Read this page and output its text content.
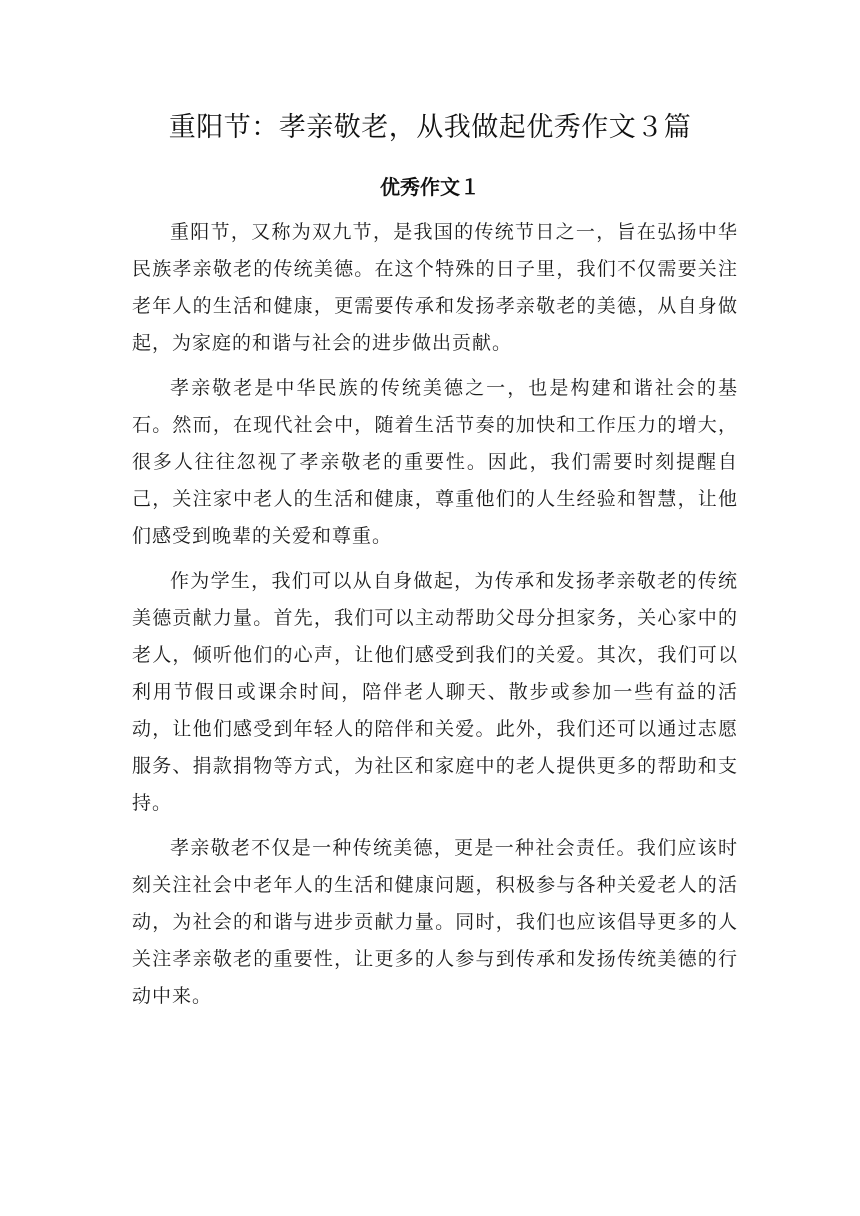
重阳节：孝亲敬老，从我做起优秀作文３篇
优秀作文１

重阳节，又称为双九节，是我国的传统节日之一，旨在弘扬中华民族孝亲敬老的传统美德。在这个特殊的日子里，我们不仅需要关注老年人的生活和健康，更需要传承和发扬孝亲敬老的美德，从自身做起，为家庭的和谐与社会的进步做出贡献。

孝亲敬老是中华民族的传统美德之一，也是构建和谐社会的基石。然而，在现代社会中，随着生活节奏的加快和工作压力的增大，很多人往往忽视了孝亲敬老的重要性。因此，我们需要时刻提醒自己，关注家中老人的生活和健康，尊重他们的人生经验和智慧，让他们感受到晚辈的关爱和尊重。

作为学生，我们可以从自身做起，为传承和发扬孝亲敬老的传统美德贡献力量。首先，我们可以主动帮助父母分担家务，关心家中的老人，倾听他们的心声，让他们感受到我们的关爱。其次，我们可以利用节假日或课余时间，陪伴老人聊天、散步或参加一些有益的活动，让他们感受到年轻人的陪伴和关爱。此外，我们还可以通过志愿服务、捐款捐物等方式，为社区和家庭中的老人提供更多的帮助和支持。

孝亲敬老不仅是一种传统美德，更是一种社会责任。我们应该时刻关注社会中老年人的生活和健康问题，积极参与各种关爱老人的活动，为社会的和谐与进步贡献力量。同时，我们也应该倡导更多的人关注孝亲敬老的重要性，让更多的人参与到传承和发扬传统美德的行动中来。
